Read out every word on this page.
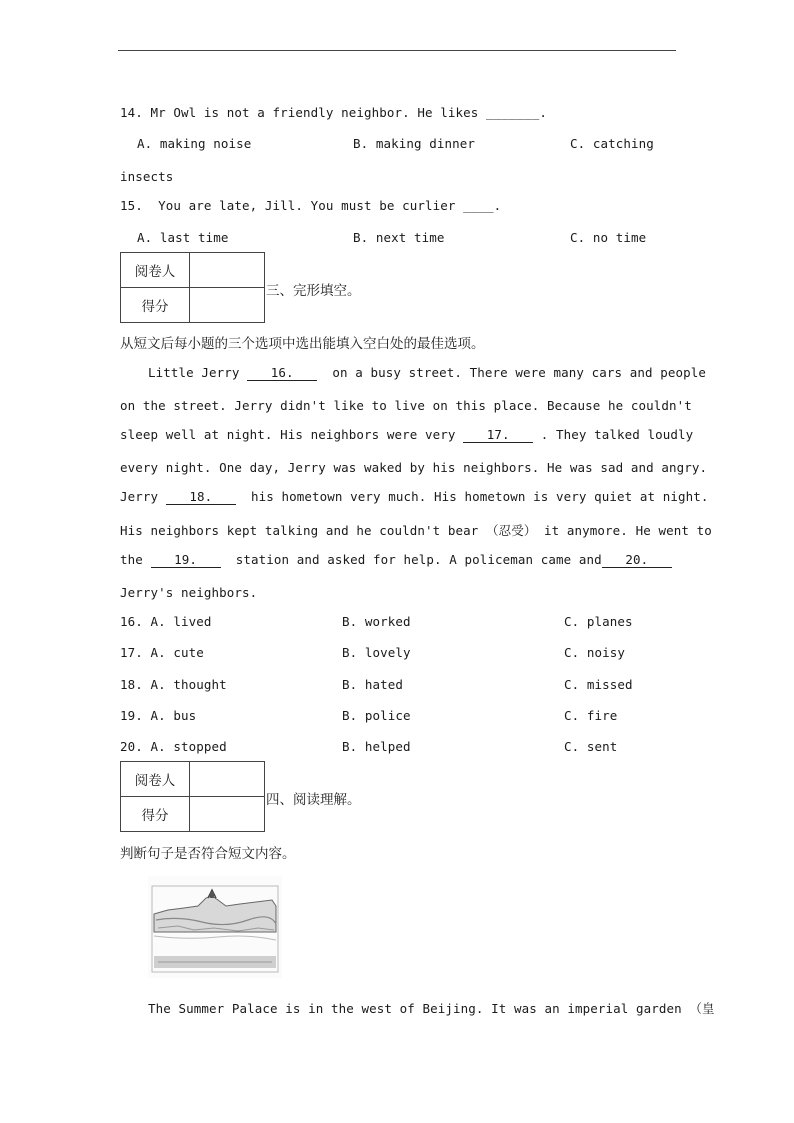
14. Mr Owl is not a friendly neighbor. He likes _______.
A. making noise	B. making dinner	C. catching
insects
15.  You are late, Jill. You must be curlier ____.
A. last time	B. next time	C. no time
阅卷人	
得分	
三、完形填空。
从短文后每小题的三个选项中选出能填入空白处的最佳选项。
Little Jerry 16.  on a busy street. There were many cars and people
on the street. Jerry didn't like to live on this place. Because he couldn't
sleep well at night. His neighbors were very 17. . They talked loudly
every night. One day, Jerry was waked by his neighbors. He was sad and angry.
Jerry 18.  his hometown very much. His hometown is very quiet at night.
His neighbors kept talking and he couldn't bear （忍受） it anymore. He went to
the 19.  station and asked for help. A policeman came and 20.
Jerry's neighbors.
16. A. lived	B. worked	C. planes
17. A. cute	B. lovely	C. noisy
18. A. thought	B. hated	C. missed
19. A. bus	B. police	C. fire
20. A. stopped	B. helped	C. sent
阅卷人	
得分	
四、阅读理解。
判断句子是否符合短文内容。
The Summer Palace is in the west of Beijing. It was an imperial garden （皇
